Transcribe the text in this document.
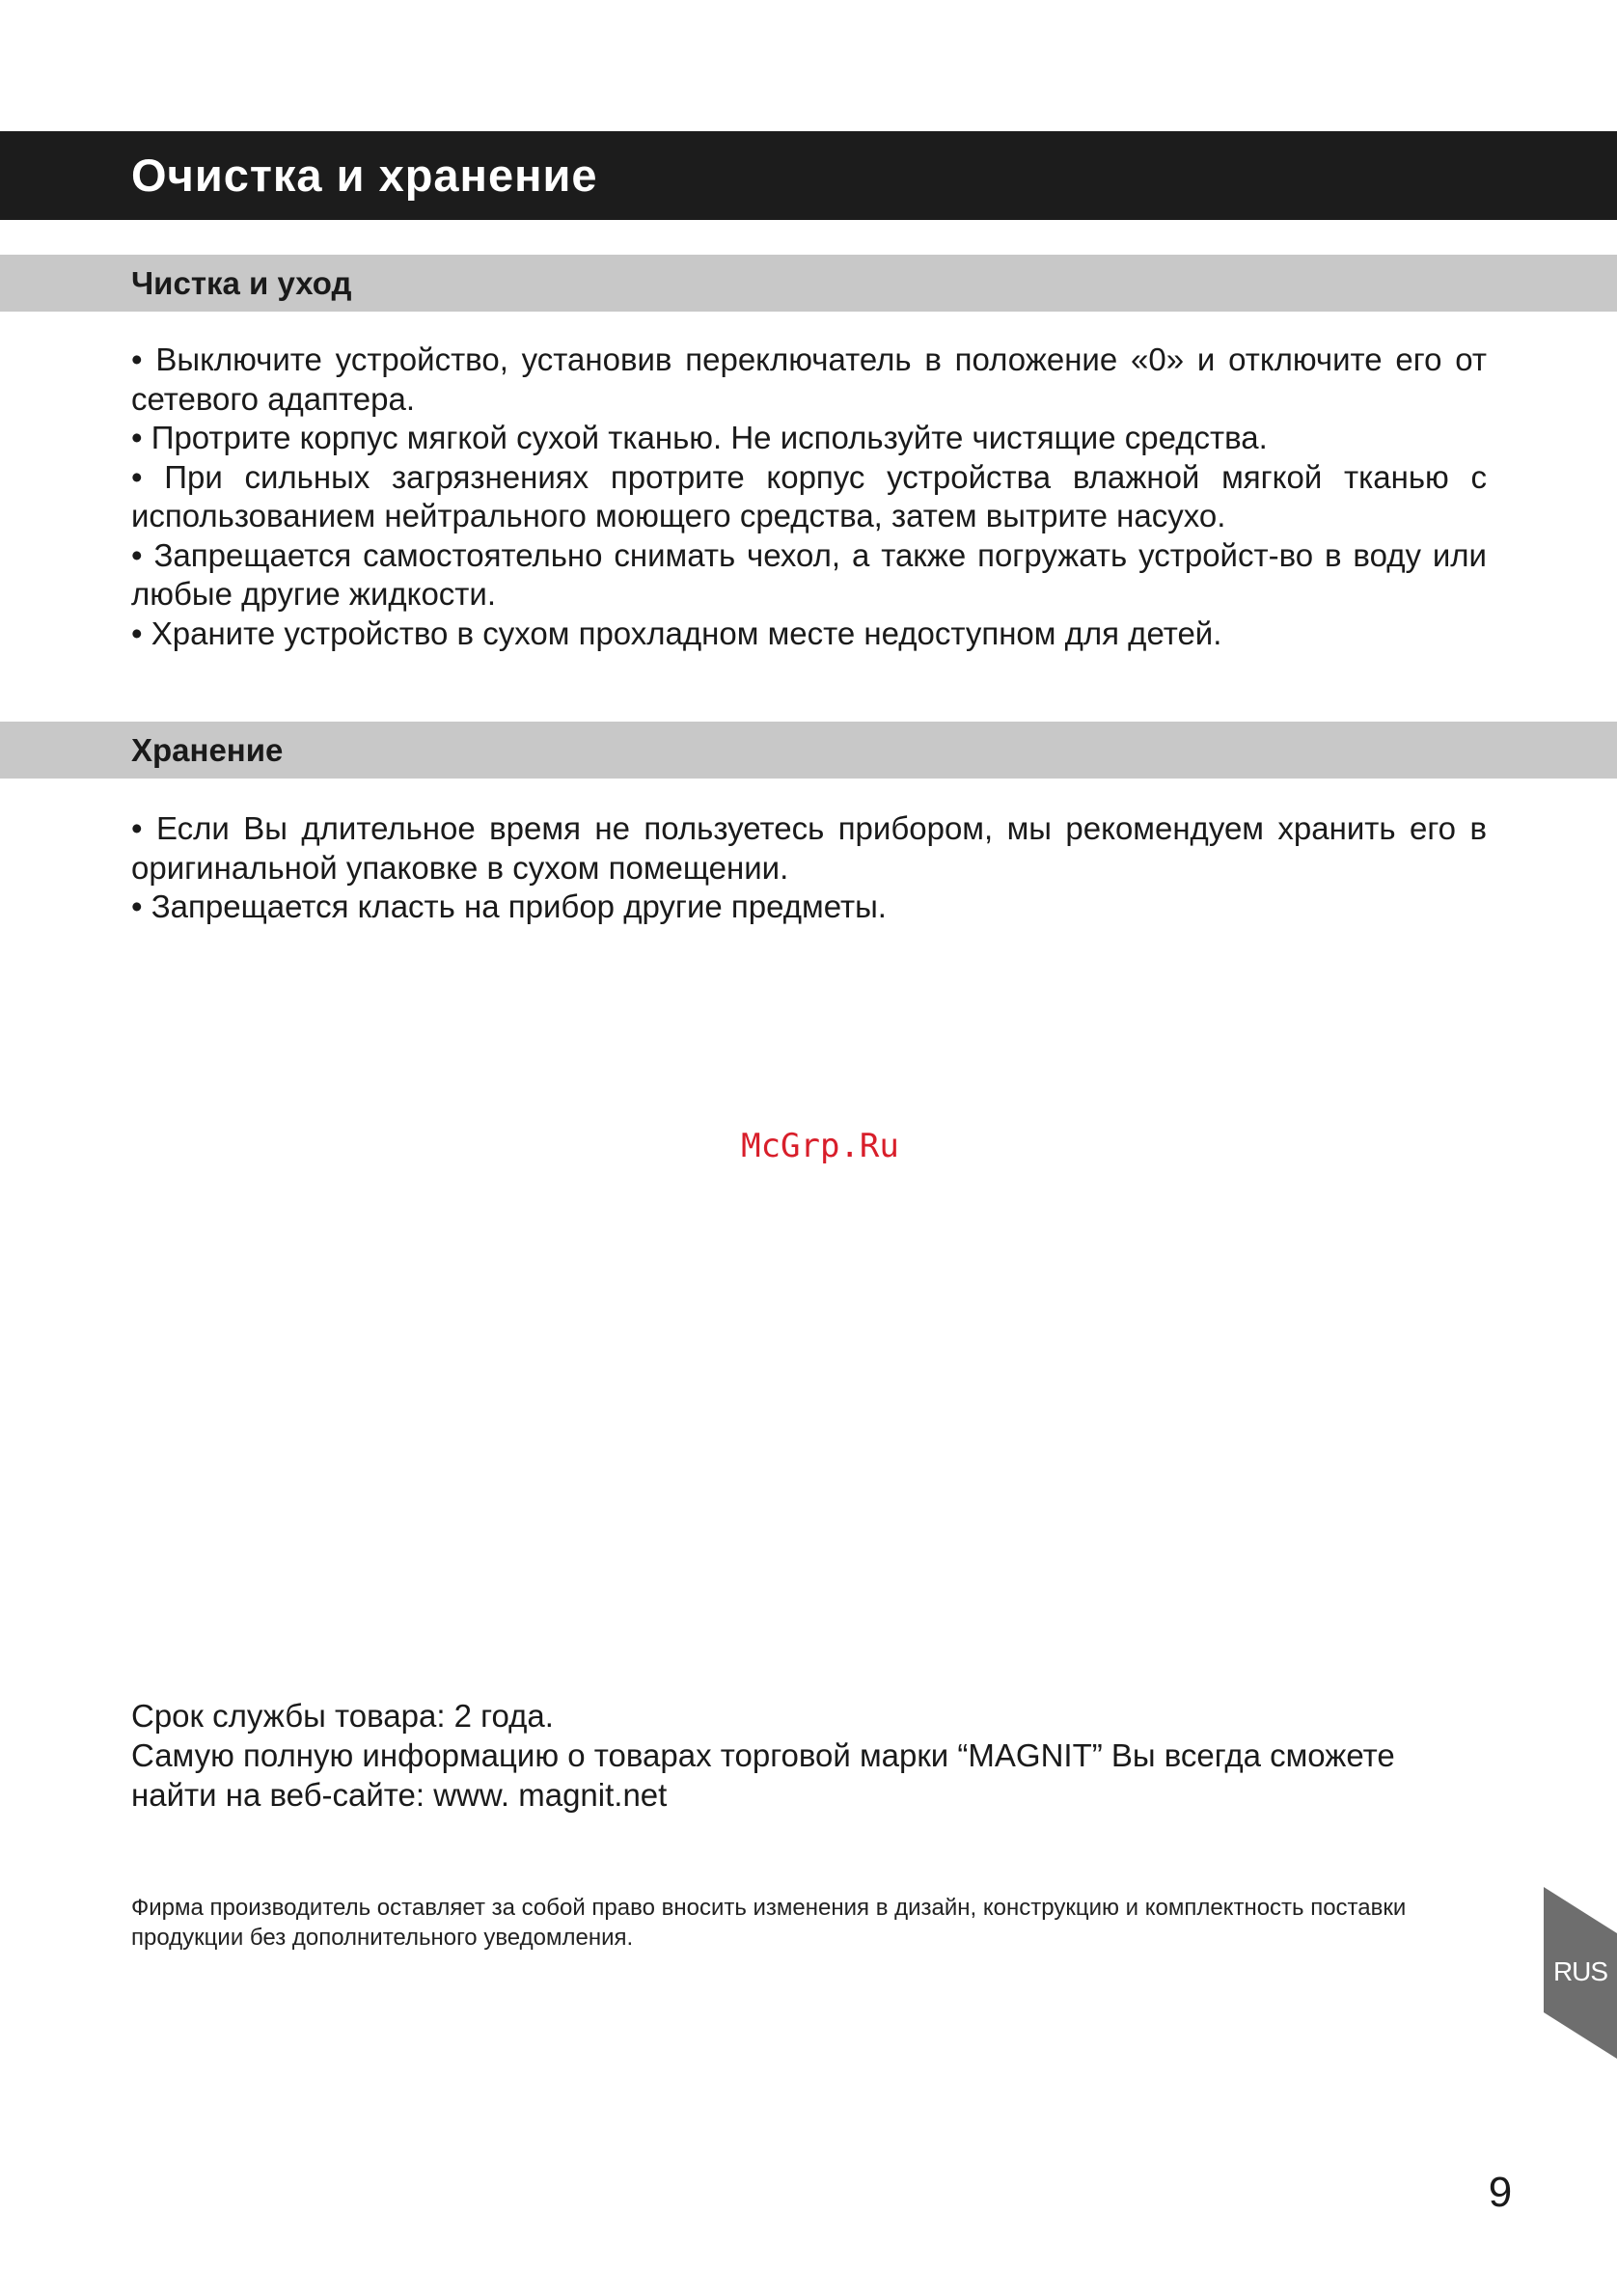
Очистка и хранение
Чистка и уход

• Выключите устройство, установив переключатель в положение «0» и отключите его от сетевого адаптера.

• Протрите корпус мягкой сухой тканью. Не используйте чистящие средства.

• При сильных загрязнениях протрите корпус устройства влажной мягкой тканью с использованием нейтрального моющего средства, затем вытрите насухо.

• Запрещается самостоятельно снимать чехол, а также погружать устройст-во в воду или любые другие жидкости.

• Храните устройство в сухом прохладном месте недоступном для детей.

Хранение

• Если Вы длительное время не пользуетесь прибором, мы рекомендуем хранить его в оригинальной упаковке в сухом помещении.

• Запрещается класть на прибор другие предметы.

McGrp.Ru

Срок службы товара: 2 года.

Самую полную информацию о товарах торговой марки “MAGNIT” Вы всегда сможете найти на веб-сайте: www. magnit.net

Фирма производитель оставляет за собой право вносить изменения в дизайн, конструкцию и комплектность поставки продукции без дополнительного уведомления.

RUS
9
